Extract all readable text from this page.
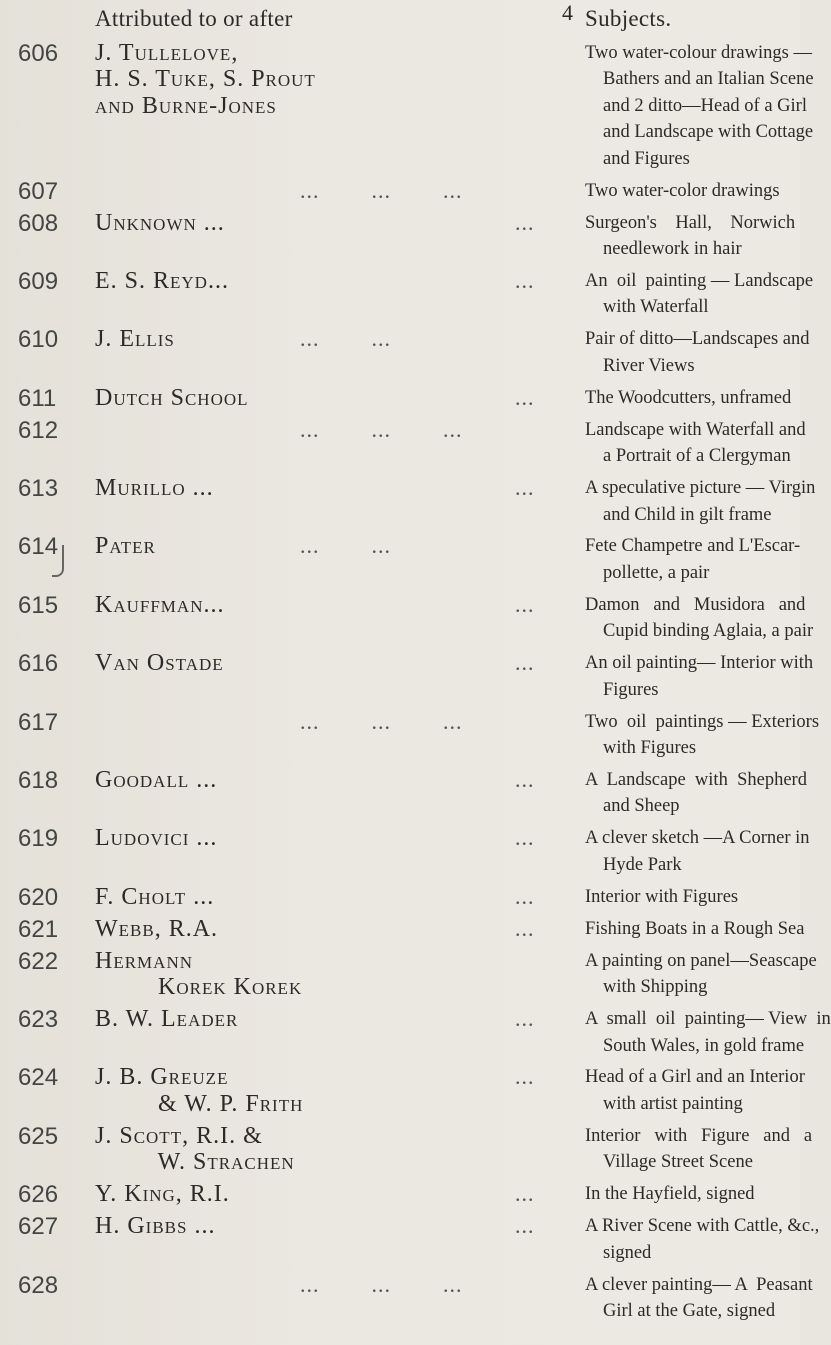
4
Attributed to or after	Subjects.
606	J. Tullelove,
H. S. Tuke, S. Prout
and Burne-Jones
Two water-colour drawings —
Bathers and an Italian Scene
and 2 ditto—Head of a Girl
and Landscape with Cottage
and Figures
607	...        ...        ...	Two water-color drawings
608	Unknown ...	...	Surgeon's    Hall,    Norwich
needlework in hair
609	E. S. Reyd...	...	An  oil  painting — Landscape
with Waterfall
610	J. Ellis	...        ...	Pair of ditto—Landscapes and
River Views
611	Dutch School	...	The Woodcutters, unframed
612	...        ...        ...	Landscape with Waterfall and
a Portrait of a Clergyman
613	Murillo ...	...	A speculative picture — Virgin
and Child in gilt frame
614	Pater	...        ...	Fete Champetre and L'Escar-
pollette, a pair
615	Kauffman...	...	Damon   and   Musidora   and
Cupid binding Aglaia, a pair
616	Van Ostade	...	An oil painting— Interior with
Figures
617	...        ...        ...	Two  oil  paintings — Exteriors
with Figures
618	Goodall ...	...	A  Landscape  with  Shepherd
and Sheep
619	Ludovici ...	...	A clever sketch —A Corner in
Hyde Park
620	F. Cholt ...	...	Interior with Figures
621	Webb, R.A.	...	Fishing Boats in a Rough Sea
622	Hermann
Korek Korek
A painting on panel—Seascape
with Shipping
623	B. W. Leader	...	A  small  oil  painting— View  in
South Wales, in gold frame
624	J. B. Greuze
& W. P. Frith
...	Head of a Girl and an Interior
with artist painting
625	J. Scott, R.I. &
W. Strachen
Interior   with   Figure   and   a
Village Street Scene
626	Y. King, R.I.	...	In the Hayfield, signed
627	H. Gibbs ...	...	A River Scene with Cattle, &c.,
signed
628	...        ...        ...	A clever painting— A  Peasant
Girl at the Gate, signed
